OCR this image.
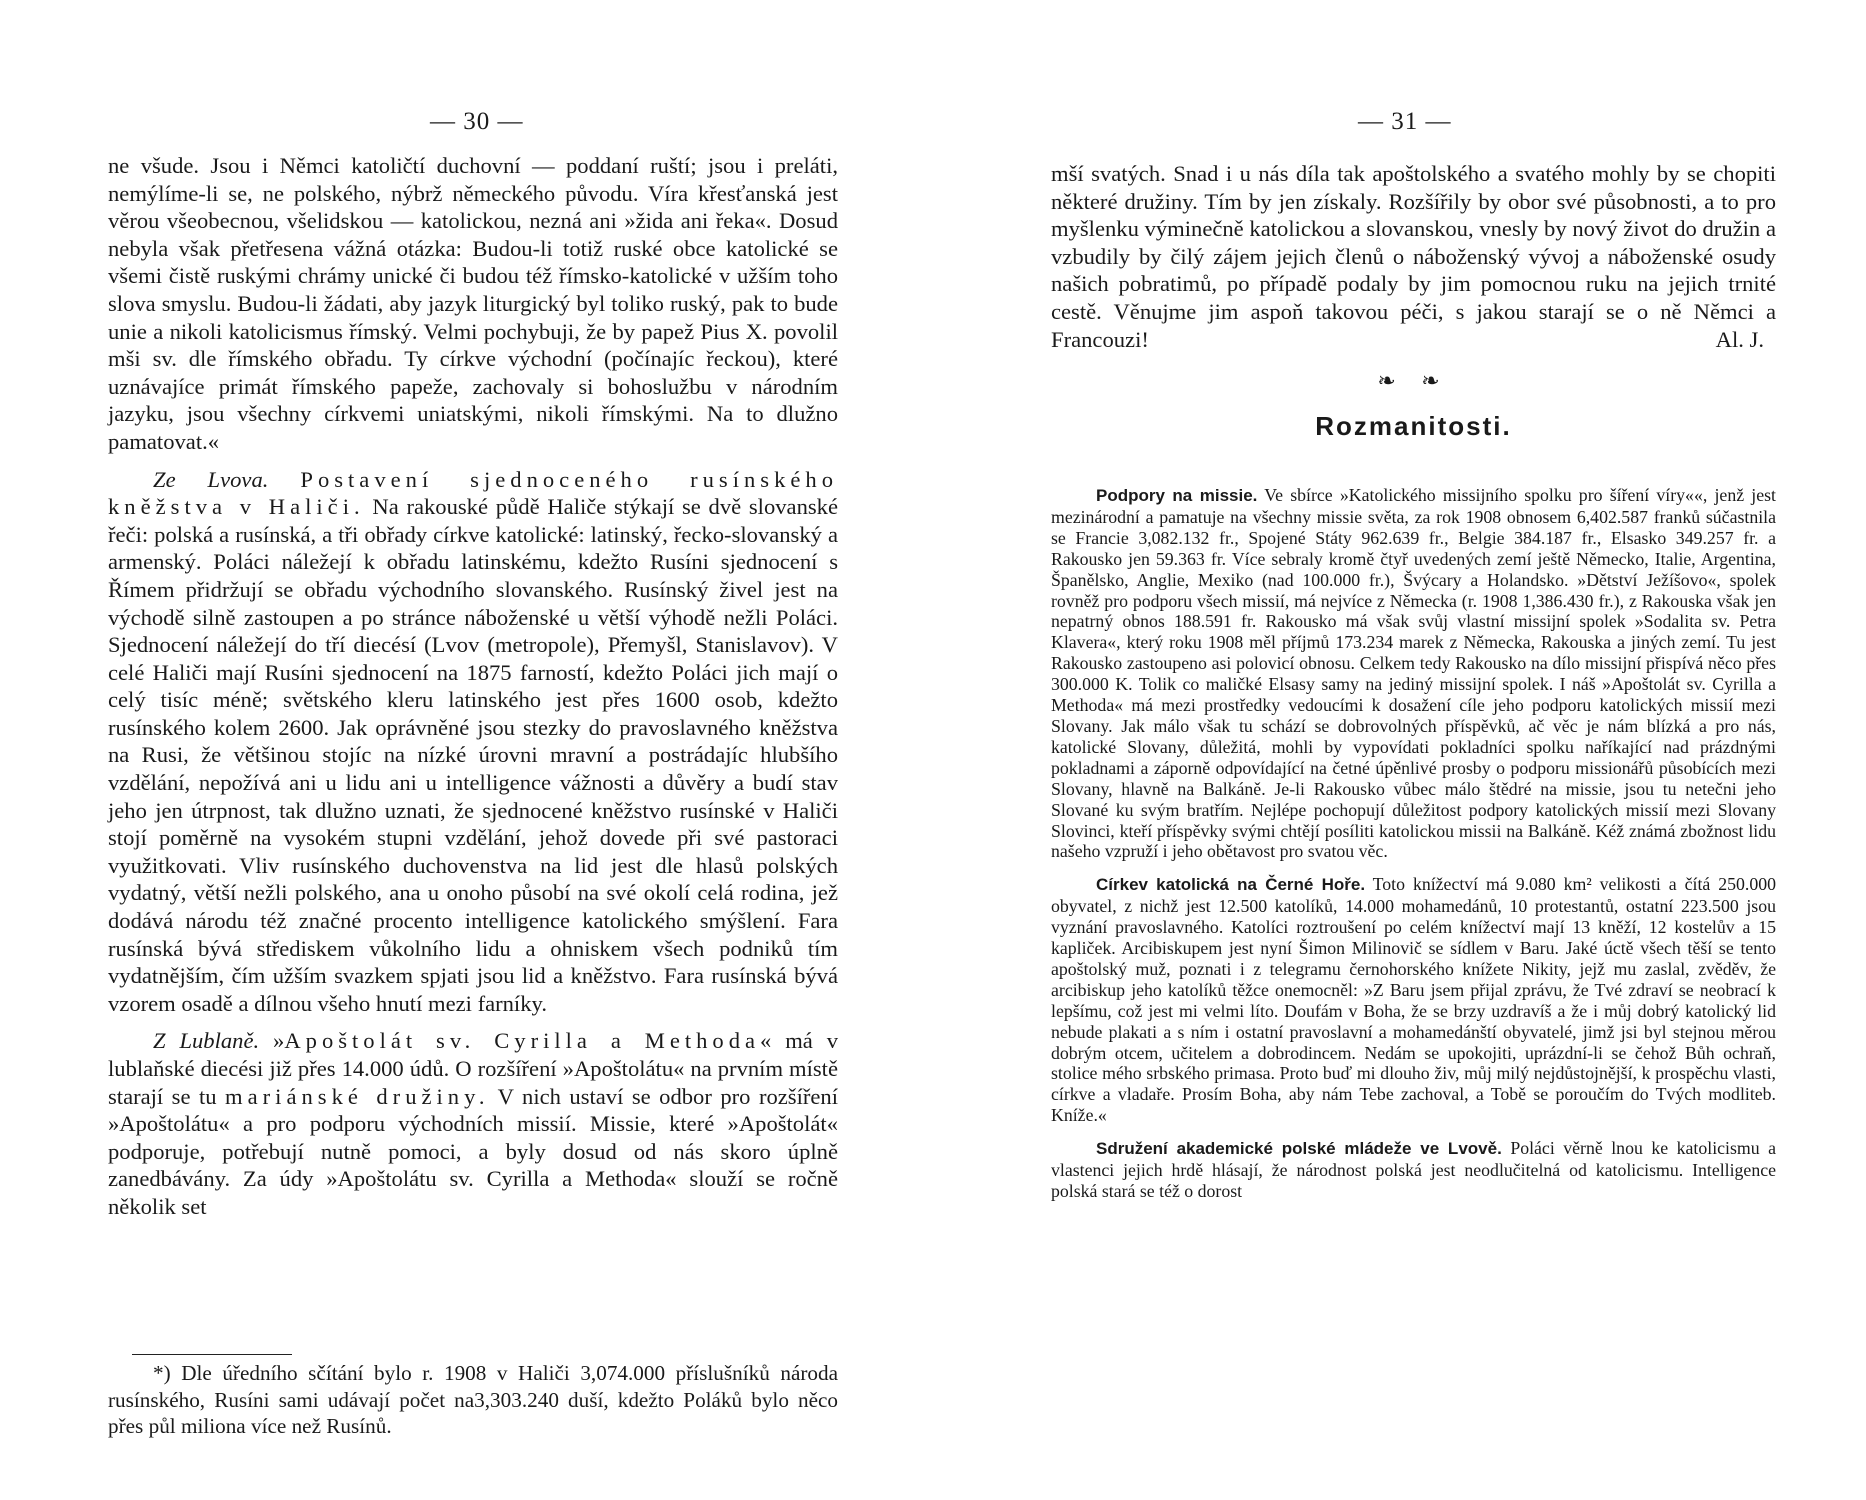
— 30 —

ne všude. Jsou i Němci katoličtí duchovní — poddaní ruští; jsou i preláti, nemýlíme-li se, ne polského, nýbrž německého původu. Víra křesťanská jest věrou všeobecnou, všelidskou — katolickou, nezná ani »žida ani řeka«. Dosud nebyla však přetřesena vážná otázka: Budou-li totiž ruské obce katolické se všemi čistě ruskými chrámy unické či budou též římsko-katolické v užším toho slova smyslu. Budou-li žádati, aby jazyk liturgický byl toliko ruský, pak to bude unie a nikoli katolicismus římský. Velmi pochybuji, že by papež Pius X. povolil mši sv. dle římského obřadu. Ty církve východní (počínajíc řeckou), které uznávajíce primát římského papeže, zachovaly si bohoslužbu v národním jazyku, jsou všechny církvemi uniatskými, nikoli římskými. Na to dlužno pamatovat.«

Ze Lvova. Postavení sjednoceného rusínského kněžstva v Haliči. Na rakouské půdě Haliče stýkají se dvě slovanské řeči: polská a rusínská, a tři obřady církve katolické: latinský, řecko-slovanský a armenský. Poláci náležejí k obřadu latinskému, kdežto Rusíni sjednocení s Římem přidržují se obřadu východního slovanského. Rusínský živel jest na východě silně zastoupen a po stránce náboženské u větší výhodě nežli Poláci. Sjednocení náležejí do tří diecésí (Lvov (metropole), Přemyšl, Stanislavov). V celé Haliči mají Rusíni sjednocení na 1875 farností, kdežto Poláci jich mají o celý tisíc méně; světského kleru latinského jest přes 1600 osob, kdežto rusínského kolem 2600. Jak oprávněné jsou stezky do pravoslavného kněžstva na Rusi, že většinou stojíc na nízké úrovni mravní a postrádajíc hlubšího vzdělání, nepožívá ani u lidu ani u intelligence vážnosti a důvěry a budí stav jeho jen útrpnost, tak dlužno uznati, že sjednocené kněžstvo rusínské v Haliči stojí poměrně na vysokém stupni vzdělání, jehož dovede při své pastoraci využitkovati. Vliv rusínského duchovenstva na lid jest dle hlasů polských vydatný, větší nežli polského, ana u onoho působí na své okolí celá rodina, jež dodává národu též značné procento intelligence katolického smýšlení. Fara rusínská bývá střediskem vůkolního lidu a ohniskem všech podniků tím vydatnějším, čím užším svazkem spjati jsou lid a kněžstvo. Fara rusínská bývá vzorem osadě a dílnou všeho hnutí mezi farníky.

Z Lublaně. »Apoštolát sv. Cyrilla a Methoda« má v lublaňské diecési již přes 14.000 údů. O rozšíření »Apoštolátu« na prvním místě starají se tu mariánské družiny. V nich ustaví se odbor pro rozšíření »Apoštolátu« a pro podporu východních missií. Missie, které »Apoštolát« podporuje, potřebují nutně pomoci, a byly dosud od nás skoro úplně zanedbávány. Za údy »Apoštolátu sv. Cyrilla a Methoda« slouží se ročně několik set

*) Dle úředního sčítání bylo r. 1908 v Haliči 3,074.000 příslušníků národa rusínského, Rusíni sami udávají počet na3,303.240 duší, kdežto Poláků bylo něco přes půl miliona více než Rusínů.

— 31 —

mší svatých. Snad i u nás díla tak apoštolského a svatého mohly by se chopiti některé družiny. Tím by jen získaly. Rozšířily by obor své působnosti, a to pro myšlenku výminečně katolickou a slovanskou, vnesly by nový život do družin a vzbudily by čilý zájem jejich členů o náboženský vývoj a náboženské osudy našich pobratimů, po případě podaly by jim pomocnou ruku na jejich trnité cestě. Věnujme jim aspoň takovou péči, s jakou starají se o ně Němci a Francouzi!	Al. J.

❧ ❧
Rozmanitosti.

Podpory na missie. Ve sbírce »Katolického missijního spolku pro šíření víry««, jenž jest mezinárodní a pamatuje na všechny missie světa, za rok 1908 obnosem 6,402.587 franků súčastnila se Francie 3,082.132 fr., Spojené Státy 962.639 fr., Belgie 384.187 fr., Elsasko 349.257 fr. a Rakousko jen 59.363 fr. Více sebraly kromě čtyř uvedených zemí ještě Německo, Italie, Argentina, Španělsko, Anglie, Mexiko (nad 100.000 fr.), Švýcary a Holandsko. »Dětství Ježíšovo«, spolek rovněž pro podporu všech missií, má nejvíce z Německa (r. 1908 1,386.430 fr.), z Rakouska však jen nepatrný obnos 188.591 fr. Rakousko má však svůj vlastní missijní spolek »Sodalita sv. Petra Klavera«, který roku 1908 měl příjmů 173.234 marek z Německa, Rakouska a jiných zemí. Tu jest Rakousko zastoupeno asi polovicí obnosu. Celkem tedy Rakousko na dílo missijní přispívá něco přes 300.000 K. Tolik co maličké Elsasy samy na jediný missijní spolek. I náš »Apoštolát sv. Cyrilla a Methoda« má mezi prostředky vedoucími k dosažení cíle jeho podporu katolických missií mezi Slovany. Jak málo však tu schází se dobrovolných příspěvků, ač věc je nám blízká a pro nás, katolické Slovany, důležitá, mohli by vypovídati pokladníci spolku naříkající nad prázdnými pokladnami a záporně odpovídající na četné úpěnlivé prosby o podporu missionářů působících mezi Slovany, hlavně na Balkáně. Je-li Rakousko vůbec málo štědré na missie, jsou tu netečni jeho Slované ku svým bratřím. Nejlépe pochopují důležitost podpory katolických missií mezi Slovany Slovinci, kteří příspěvky svými chtějí posíliti katolickou missii na Balkáně. Kéž známá zbožnost lidu našeho vzpruží i jeho obětavost pro svatou věc.

Církev katolická na Černé Hoře. Toto knížectví má 9.080 km² velikosti a čítá 250.000 obyvatel, z nichž jest 12.500 katolíků, 14.000 mohamedánů, 10 protestantů, ostatní 223.500 jsou vyznání pravoslavného. Katolíci roztroušení po celém knížectví mají 13 kněží, 12 kostelův a 15 kapliček. Arcibiskupem jest nyní Šimon Milinovič se sídlem v Baru. Jaké úctě všech těší se tento apoštolský muž, poznati i z telegramu černohorského knížete Nikity, jejž mu zaslal, zvěděv, že arcibiskup jeho katolíků těžce onemocněl: »Z Baru jsem přijal zprávu, že Tvé zdraví se neobrací k lepšímu, což jest mi velmi líto. Doufám v Boha, že se brzy uzdravíš a že i můj dobrý katolický lid nebude plakati a s ním i ostatní pravoslavní a mohamedánští obyvatelé, jimž jsi byl stejnou měrou dobrým otcem, učitelem a dobrodincem. Nedám se upokojiti, uprázdní-li se čehož Bůh ochraň, stolice mého srbského primasa. Proto buď mi dlouho živ, můj milý nejdůstojnější, k prospěchu vlasti, církve a vladaře. Prosím Boha, aby nám Tebe zachoval, a Tobě se poroučím do Tvých modliteb. Kníže.«

Sdružení akademické polské mládeže ve Lvově. Poláci věrně lnou ke katolicismu a vlastenci jejich hrdě hlásají, že národnost polská jest neodlučitelná od katolicismu. Intelligence polská stará se též o dorost
